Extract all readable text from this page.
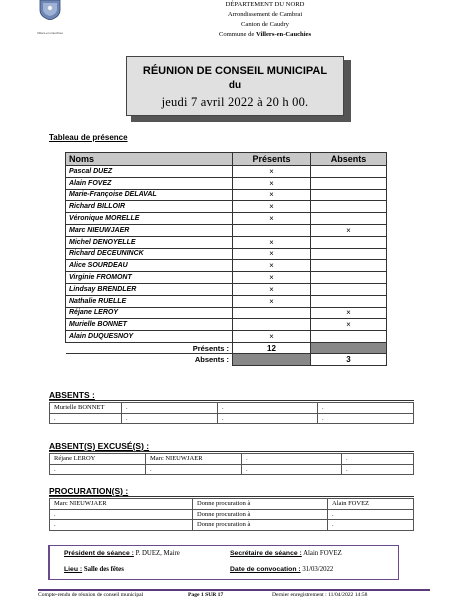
Villers-en-Cauchies
DÉPARTEMENT DU NORD
Arrondissement de Cambrai
Canton de Caudry
Commune de Villers-en-Cauchies
RÉUNION DE CONSEIL MUNICIPAL
du
jeudi 7 avril 2022 à 20 h 00.
Tableau de présence
Noms	Présents	Absents
Pascal DUEZ	×	
Alain FOVEZ	×	
Marie-Françoise DELAVAL	×	
Richard BILLOIR	×	
Véronique MORELLE	×	
Marc NIEUWJAER		×
Michel DENOYELLE	×	
Richard DECEUNINCK	×	
Alice SOURDEAU	×	
Virginie FROMONT	×	
Lindsay BRENDLER	×	
Nathalie RUELLE	×	
Réjane LEROY		×
Murielle BONNET		×
Alain DUQUESNOY	×	
Présents :	12	
Absents :		3
ABSENTS :
Murielle BONNET	.	.	.
.	.	.	.
ABSENT(S) EXCUSÉ(S) :
Réjane LEROY	Marc NIEUWJAER	.	.
.	.	.	.
PROCURATION(S) :
Marc NIEUWJAER	Donne procuration à	Alain FOVEZ
.	Donne procuration à	.
.	Donne procuration à	.
Président de séance : P. DUEZ, Maire	Secrétaire de séance : Alain FOVEZ
Lieu : Salle des fêtes	Date de convocation : 31/03/2022
Compte-rendu de réunion de conseil municipal	Page 1 SUR 17	Dernier enregistrement : 11/04/2022 14:58
